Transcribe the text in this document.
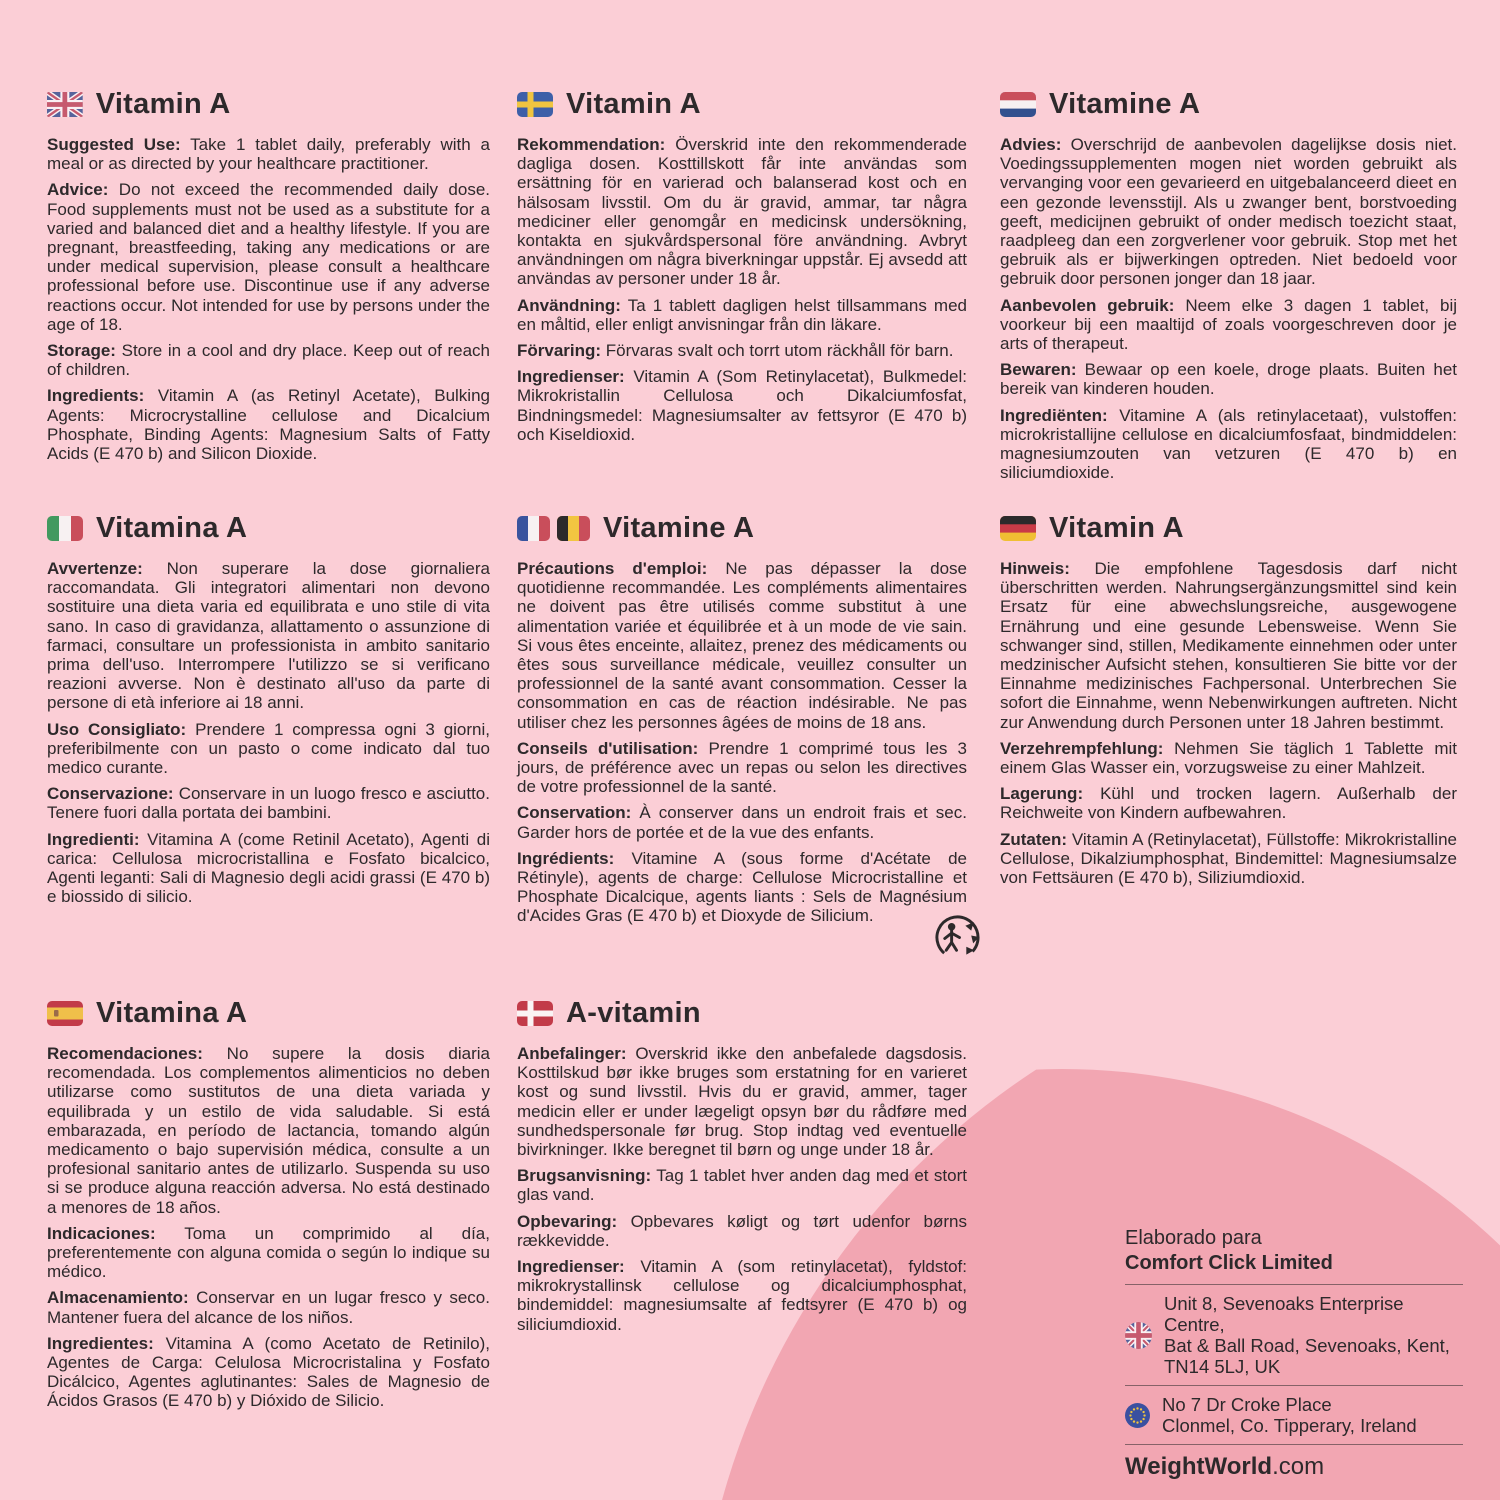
Vitamin A

Suggested Use: Take 1 tablet daily, preferably with a meal or as directed by your healthcare practitioner.

Advice: Do not exceed the recommended daily dose. Food supplements must not be used as a substitute for a varied and balanced diet and a healthy lifestyle. If you are pregnant, breastfeeding, taking any medications or are under medical supervision, please consult a healthcare professional before use. Discontinue use if any adverse reactions occur. Not intended for use by persons under the age of 18.

Storage: Store in a cool and dry place. Keep out of reach of children.

Ingredients: Vitamin A (as Retinyl Acetate), Bulking Agents: Microcrystalline cellulose and Dicalcium Phosphate, Binding Agents: Magnesium Salts of Fatty Acids (E 470 b) and Silicon Dioxide.

Vitamin A

Rekommendation: Överskrid inte den rekommenderade dagliga dosen. Kosttillskott får inte användas som ersättning för en varierad och balanserad kost och en hälsosam livsstil. Om du är gravid, ammar, tar några mediciner eller genomgår en medicinsk undersökning, kontakta en sjukvårdspersonal före användning. Avbryt användningen om några biverkningar uppstår. Ej avsedd att användas av personer under 18 år.

Användning: Ta 1 tablett dagligen helst tillsammans med en måltid, eller enligt anvisningar från din läkare.

Förvaring: Förvaras svalt och torrt utom räckhåll för barn.

Ingredienser: Vitamin A (Som Retinylacetat), Bulkmedel: Mikrokristallin Cellulosa och Dikalciumfosfat, Bindningsmedel: Magnesiumsalter av fettsyror (E 470 b) och Kiseldioxid.

Vitamine A

Advies: Overschrijd de aanbevolen dagelijkse dosis niet. Voedingssupplementen mogen niet worden gebruikt als vervanging voor een gevarieerd en uitgebalanceerd dieet en een gezonde levensstijl. Als u zwanger bent, borstvoeding geeft, medicijnen gebruikt of onder medisch toezicht staat, raadpleeg dan een zorgverlener voor gebruik. Stop met het gebruik als er bijwerkingen optreden. Niet bedoeld voor gebruik door personen jonger dan 18 jaar.

Aanbevolen gebruik: Neem elke 3 dagen 1 tablet, bij voorkeur bij een maaltijd of zoals voorgeschreven door je arts of therapeut.

Bewaren: Bewaar op een koele, droge plaats. Buiten het bereik van kinderen houden.

Ingrediënten: Vitamine A (als retinylacetaat), vulstoffen: microkristallijne cellulose en dicalciumfosfaat, bindmiddelen: magnesiumzouten van vetzuren (E 470 b) en siliciumdioxide.

Vitamina A

Avvertenze: Non superare la dose giornaliera raccomandata. Gli integratori alimentari non devono sostituire una dieta varia ed equilibrata e uno stile di vita sano. In caso di gravidanza, allattamento o assunzione di farmaci, consultare un professionista in ambito sanitario prima dell'uso. Interrompere l'utilizzo se si verificano reazioni avverse. Non è destinato all'uso da parte di persone di età inferiore ai 18 anni.

Uso Consigliato: Prendere 1 compressa ogni 3 giorni, preferibilmente con un pasto o come indicato dal tuo medico curante.

Conservazione: Conservare in un luogo fresco e asciutto. Tenere fuori dalla portata dei bambini.

Ingredienti: Vitamina A (come Retinil Acetato), Agenti di carica: Cellulosa microcristallina e Fosfato bicalcico, Agenti leganti: Sali di Magnesio degli acidi grassi (E 470 b) e biossido di silicio.

Vitamine A

Précautions d'emploi: Ne pas dépasser la dose quotidienne recommandée. Les compléments alimentaires ne doivent pas être utilisés comme substitut à une alimentation variée et équilibrée et à un mode de vie sain. Si vous êtes enceinte, allaitez, prenez des médicaments ou êtes sous surveillance médicale, veuillez consulter un professionnel de la santé avant consommation. Cesser la consommation en cas de réaction indésirable. Ne pas utiliser chez les personnes âgées de moins de 18 ans.

Conseils d'utilisation: Prendre 1 comprimé tous les 3 jours, de préférence avec un repas ou selon les directives de votre professionnel de la santé.

Conservation: À conserver dans un endroit frais et sec. Garder hors de portée et de la vue des enfants.

Ingrédients: Vitamine A (sous forme d'Acétate de Rétinyle), agents de charge: Cellulose Microcristalline et Phosphate Dicalcique, agents liants : Sels de Magnésium d'Acides Gras (E 470 b) et Dioxyde de Silicium.

Vitamin A

Hinweis: Die empfohlene Tagesdosis darf nicht überschritten werden. Nahrungsergänzungsmittel sind kein Ersatz für eine abwechslungsreiche, ausgewogene Ernährung und eine gesunde Lebensweise. Wenn Sie schwanger sind, stillen, Medikamente einnehmen oder unter medzinischer Aufsicht stehen, konsultieren Sie bitte vor der Einnahme medizinisches Fachpersonal. Unterbrechen Sie sofort die Einnahme, wenn Nebenwirkungen auftreten. Nicht zur Anwendung durch Personen unter 18 Jahren bestimmt.

Verzehrempfehlung: Nehmen Sie täglich 1 Tablette mit einem Glas Wasser ein, vorzugsweise zu einer Mahlzeit.

Lagerung: Kühl und trocken lagern. Außerhalb der Reichweite von Kindern aufbewahren.

Zutaten: Vitamin A (Retinylacetat), Füllstoffe: Mikrokristalline Cellulose, Dikalziumphosphat, Bindemittel: Magnesiumsalze von Fettsäuren (E 470 b), Siliziumdioxid.

Vitamina A

Recomendaciones: No supere la dosis diaria recomendada. Los complementos alimenticios no deben utilizarse como sustitutos de una dieta variada y equilibrada y un estilo de vida saludable. Si está embarazada, en período de lactancia, tomando algún medicamento o bajo supervisión médica, consulte a un profesional sanitario antes de utilizarlo. Suspenda su uso si se produce alguna reacción adversa. No está destinado a menores de 18 años.

Indicaciones: Toma un comprimido al día, preferentemente con alguna comida o según lo indique su médico.

Almacenamiento: Conservar en un lugar fresco y seco. Mantener fuera del alcance de los niños.

Ingredientes: Vitamina A (como Acetato de Retinilo), Agentes de Carga: Celulosa Microcristalina y Fosfato Dicálcico, Agentes aglutinantes: Sales de Magnesio de Ácidos Grasos (E 470 b) y Dióxido de Silicio.

A-vitamin

Anbefalinger: Overskrid ikke den anbefalede dagsdosis. Kosttilskud bør ikke bruges som erstatning for en varieret kost og sund livsstil. Hvis du er gravid, ammer, tager medicin eller er under lægeligt opsyn bør du rådføre med sundhedspersonale før brug. Stop indtag ved eventuelle bivirkninger. Ikke beregnet til børn og unge under 18 år.

Brugsanvisning: Tag 1 tablet hver anden dag med et stort glas vand.

Opbevaring: Opbevares køligt og tørt udenfor børns rækkevidde.

Ingredienser: Vitamin A (som retinylacetat), fyldstof: mikrokrystallinsk cellulose og dicalciumphosphat, bindemiddel: magnesiumsalte af fedtsyrer (E 470 b) og siliciumdioxid.

Elaborado para
Comfort Click Limited
Unit 8, Sevenoaks Enterprise Centre,
Bat & Ball Road, Sevenoaks, Kent,
TN14 5LJ, UK
No 7 Dr Croke Place
Clonmel, Co. Tipperary, Ireland
WeightWorld.com
